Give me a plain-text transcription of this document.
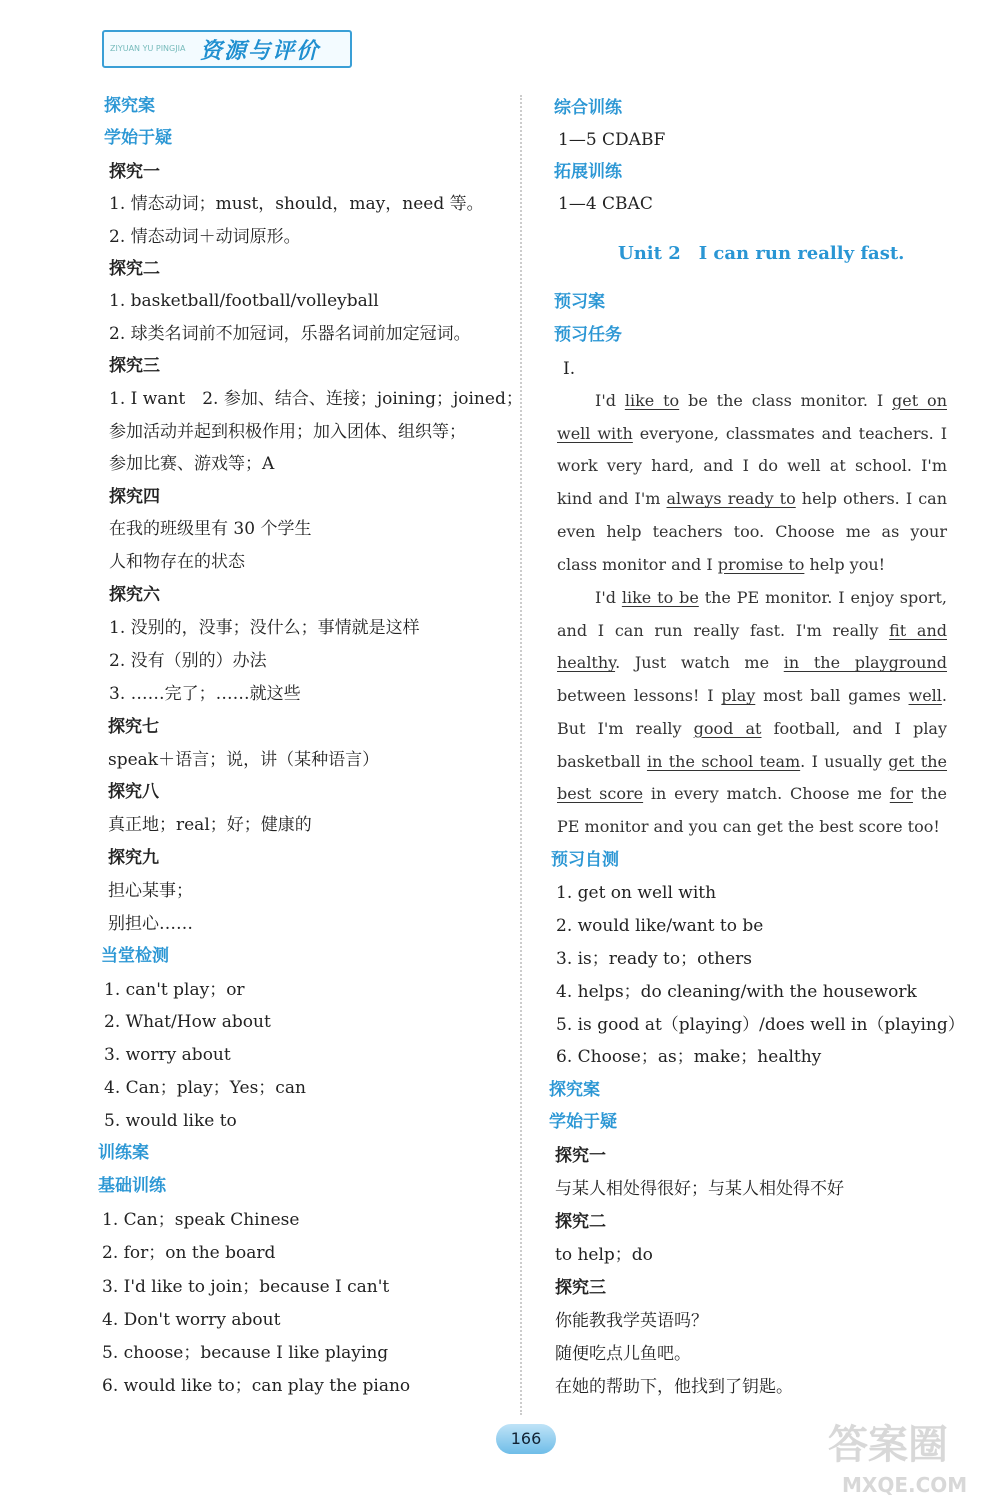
ZIYUAN YU PINGJIA 资源与评价
探究案
学始于疑
探究一
1. 情态动词；must，should，may，need 等。
2. 情态动词＋动词原形。
探究二
1. basketball/football/volleyball
2. 球类名词前不加冠词，乐器名词前加定冠词。
探究三
1. I want　2. 参加、结合、连接；joining；joined；
参加活动并起到积极作用；加入团体、组织等；
参加比赛、游戏等；A
探究四
在我的班级里有 30 个学生
人和物存在的状态
探究六
1. 没别的，没事；没什么；事情就是这样
2. 没有（别的）办法
3. ……完了；……就这些
探究七
speak＋语言；说，讲（某种语言）
探究八
真正地；real；好；健康的
探究九
担心某事；
别担心……
当堂检测
1. can't play；or
2. What/How about
3. worry about
4. Can；play；Yes；can
5. would like to
训练案
基础训练
1. Can；speak Chinese
2. for；on the board
3. I'd like to join；because I can't
4. Don't worry about
5. choose；because I like playing
6. would like to；can play the piano
综合训练
1—5 CDABF
拓展训练
1—4 CBAC
预习案
预习任务
Ⅰ.
Unit 2　I can run really fast.
I'd like to be the class monitor. I get on well with everyone, classmates and teachers. I work very hard, and I do well at school. I'm kind and I'm always ready to help others. I can even help teachers too. Choose me as your class monitor and I promise to help you!
I'd like to be the PE monitor. I enjoy sport, and I can run really fast. I'm really fit and healthy. Just watch me in the playground between lessons! I play most ball games well. But I'm really good at football, and I play basketball in the school team. I usually get the best score in every match. Choose me for the PE monitor and you can get the best score too!
预习自测
1. get on well with
2. would like/want to be
3. is；ready to；others
4. helps；do cleaning/with the housework
5. is good at（playing）/does well in（playing）
6. Choose；as；make；healthy
探究案
学始于疑
探究一
与某人相处得很好；与某人相处得不好
探究二
to help；do
探究三
你能教我学英语吗？
随便吃点儿鱼吧。
在她的帮助下，他找到了钥匙。
166	答案圈
MXQE.COM
